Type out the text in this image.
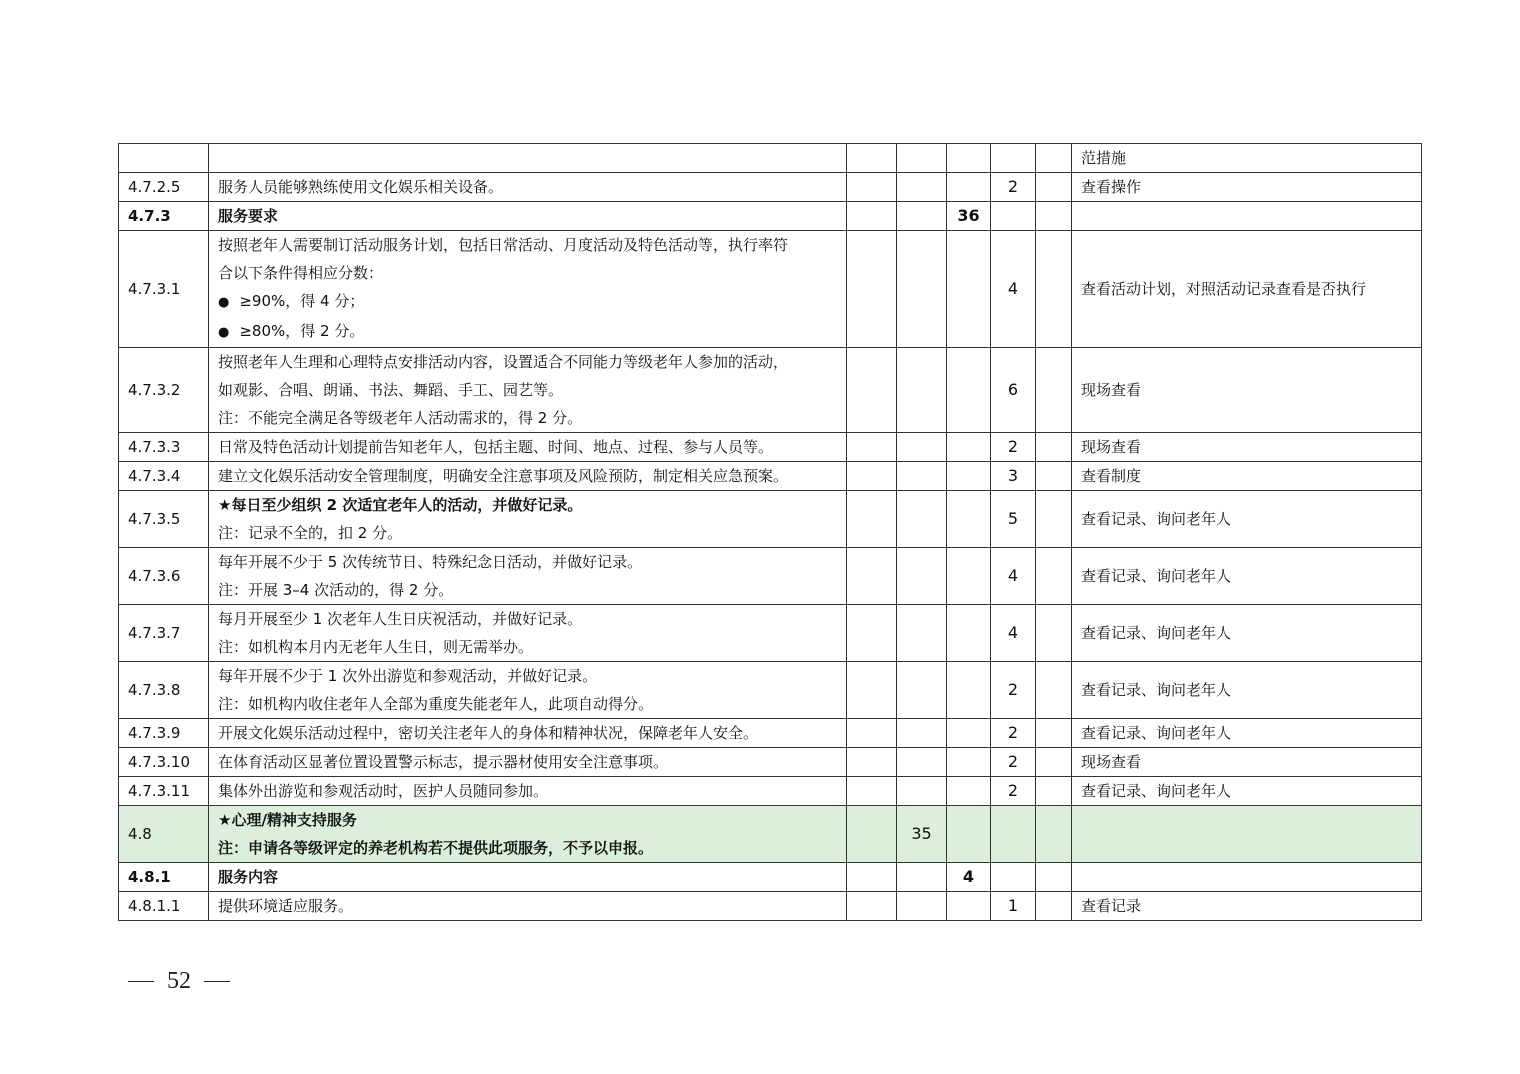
							范措施
4.7.2.5	服务人员能够熟练使用文化娱乐相关设备。				2		查看操作
4.7.3	服务要求			36			
4.7.3.1	按照老年人需要制订活动服务计划，包括日常活动、月度活动及特色活动等，执行率符
合以下条件得相应分数：
● ≥90%，得 4 分；
● ≥80%，得 2 分。				4		查看活动计划，对照活动记录查看是否执行
4.7.3.2	按照老年人生理和心理特点安排活动内容，设置适合不同能力等级老年人参加的活动，
如观影、合唱、朗诵、书法、舞蹈、手工、园艺等。
注：不能完全满足各等级老年人活动需求的，得 2 分。				6		现场查看
4.7.3.3	日常及特色活动计划提前告知老年人，包括主题、时间、地点、过程、参与人员等。				2		现场查看
4.7.3.4	建立文化娱乐活动安全管理制度，明确安全注意事项及风险预防，制定相关应急预案。				3		查看制度
4.7.3.5	★每日至少组织 2 次适宜老年人的活动，并做好记录。
注：记录不全的，扣 2 分。				5		查看记录、询问老年人
4.7.3.6	每年开展不少于 5 次传统节日、特殊纪念日活动，并做好记录。
注：开展 3–4 次活动的，得 2 分。				4		查看记录、询问老年人
4.7.3.7	每月开展至少 1 次老年人生日庆祝活动，并做好记录。
注：如机构本月内无老年人生日，则无需举办。				4		查看记录、询问老年人
4.7.3.8	每年开展不少于 1 次外出游览和参观活动，并做好记录。
注：如机构内收住老年人全部为重度失能老年人，此项自动得分。				2		查看记录、询问老年人
4.7.3.9	开展文化娱乐活动过程中，密切关注老年人的身体和精神状况，保障老年人安全。				2		查看记录、询问老年人
4.7.3.10	在体育活动区显著位置设置警示标志，提示器材使用安全注意事项。				2		现场查看
4.7.3.11	集体外出游览和参观活动时，医护人员随同参加。				2		查看记录、询问老年人
4.8	★心理/精神支持服务
注：申请各等级评定的养老机构若不提供此项服务，不予以申报。		35				
4.8.1	服务内容			4			
4.8.1.1	提供环境适应服务。				1		查看记录
52
